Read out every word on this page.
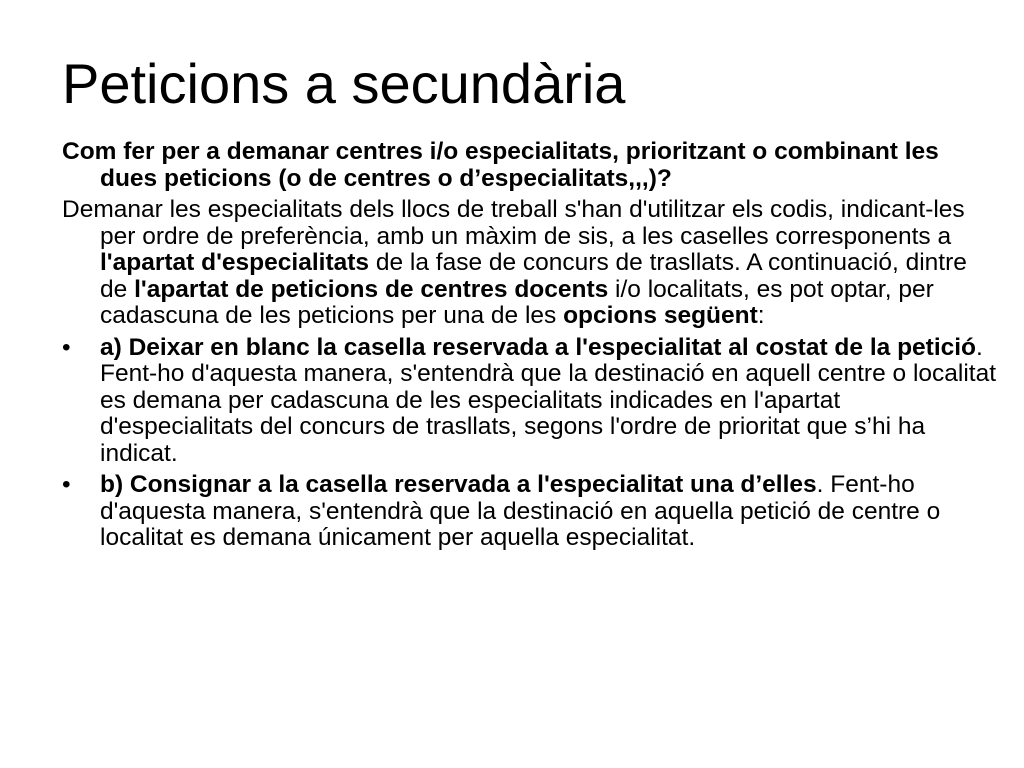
Peticions a secundària

Com fer per a demanar centres i/o especialitats, prioritzant o combinant les dues peticions (o de centres o d’especialitats,,,)?

Demanar les especialitats dels llocs de treball s'han d'utilitzar els codis, indicant-les per ordre de preferència, amb un màxim de sis, a les caselles corresponents a l'apartat d'especialitats de la fase de concurs de trasllats. A continuació, dintre de l'apartat de peticions de centres docents i/o localitats, es pot optar, per cadascuna de les peticions per una de les opcions següent:

•	a) Deixar en blanc la casella reservada a l'especialitat al costat de la petició. Fent-ho d'aquesta manera, s'entendrà que la destinació en aquell centre o localitat es demana per cadascuna de les especialitats indicades en l'apartat d'especialitats del concurs de trasllats, segons l'ordre de prioritat que s’hi ha indicat.
•	b) Consignar a la casella reservada a l'especialitat una d’elles. Fent-ho d'aquesta manera, s'entendrà que la destinació en aquella petició de centre o localitat es demana únicament per aquella especialitat.
